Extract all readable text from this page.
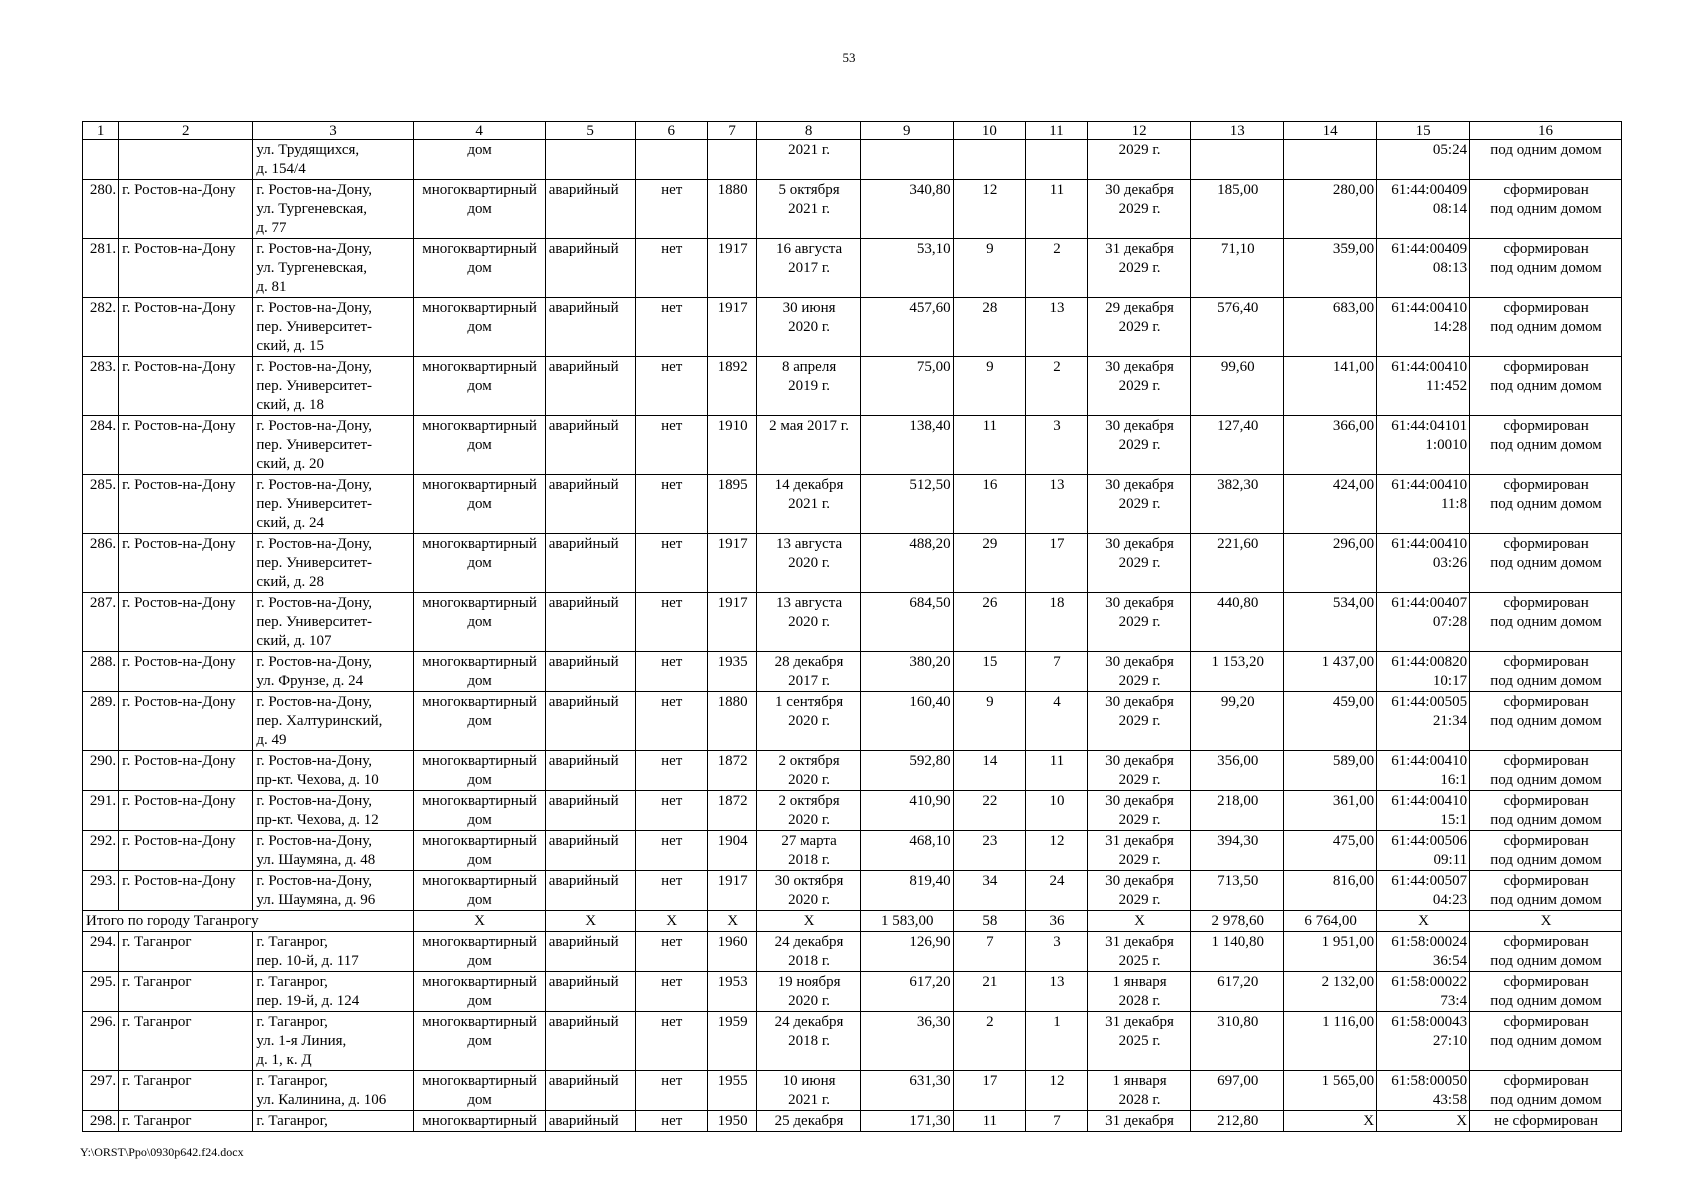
53
1	2	3	4	5	6	7	8	9	10	11	12	13	14	15	16
		ул. Трудящихся,
д. 154/4	дом				2021 г.				2029 г.			05:24	под одним домом
280.	г. Ростов-на-Дону	г. Ростов-на-Дону,
ул. Тургеневская,
д. 77	многоквартирный
дом	аварийный	нет	1880	5 октября
2021 г.	340,80	12	11	30 декабря
2029 г.	185,00	280,00	61:44:00409
08:14	сформирован
под одним домом
281.	г. Ростов-на-Дону	г. Ростов-на-Дону,
ул. Тургеневская,
д. 81	многоквартирный
дом	аварийный	нет	1917	16 августа
2017 г.	53,10	9	2	31 декабря
2029 г.	71,10	359,00	61:44:00409
08:13	сформирован
под одним домом
282.	г. Ростов-на-Дону	г. Ростов-на-Дону,
пер. Университет-
ский, д. 15	многоквартирный
дом	аварийный	нет	1917	30 июня
2020 г.	457,60	28	13	29 декабря
2029 г.	576,40	683,00	61:44:00410
14:28	сформирован
под одним домом
283.	г. Ростов-на-Дону	г. Ростов-на-Дону,
пер. Университет-
ский, д. 18	многоквартирный
дом	аварийный	нет	1892	8 апреля
2019 г.	75,00	9	2	30 декабря
2029 г.	99,60	141,00	61:44:00410
11:452	сформирован
под одним домом
284.	г. Ростов-на-Дону	г. Ростов-на-Дону,
пер. Университет-
ский, д. 20	многоквартирный
дом	аварийный	нет	1910	2 мая 2017 г.	138,40	11	3	30 декабря
2029 г.	127,40	366,00	61:44:04101
1:0010	сформирован
под одним домом
285.	г. Ростов-на-Дону	г. Ростов-на-Дону,
пер. Университет-
ский, д. 24	многоквартирный
дом	аварийный	нет	1895	14 декабря
2021 г.	512,50	16	13	30 декабря
2029 г.	382,30	424,00	61:44:00410
11:8	сформирован
под одним домом
286.	г. Ростов-на-Дону	г. Ростов-на-Дону,
пер. Университет-
ский, д. 28	многоквартирный
дом	аварийный	нет	1917	13 августа
2020 г.	488,20	29	17	30 декабря
2029 г.	221,60	296,00	61:44:00410
03:26	сформирован
под одним домом
287.	г. Ростов-на-Дону	г. Ростов-на-Дону,
пер. Университет-
ский, д. 107	многоквартирный
дом	аварийный	нет	1917	13 августа
2020 г.	684,50	26	18	30 декабря
2029 г.	440,80	534,00	61:44:00407
07:28	сформирован
под одним домом
288.	г. Ростов-на-Дону	г. Ростов-на-Дону,
ул. Фрунзе, д. 24	многоквартирный
дом	аварийный	нет	1935	28 декабря
2017 г.	380,20	15	7	30 декабря
2029 г.	1 153,20	1 437,00	61:44:00820
10:17	сформирован
под одним домом
289.	г. Ростов-на-Дону	г. Ростов-на-Дону,
пер. Халтуринский,
д. 49	многоквартирный
дом	аварийный	нет	1880	1 сентября
2020 г.	160,40	9	4	30 декабря
2029 г.	99,20	459,00	61:44:00505
21:34	сформирован
под одним домом
290.	г. Ростов-на-Дону	г. Ростов-на-Дону,
пр-кт. Чехова, д. 10	многоквартирный
дом	аварийный	нет	1872	2 октября
2020 г.	592,80	14	11	30 декабря
2029 г.	356,00	589,00	61:44:00410
16:1	сформирован
под одним домом
291.	г. Ростов-на-Дону	г. Ростов-на-Дону,
пр-кт. Чехова, д. 12	многоквартирный
дом	аварийный	нет	1872	2 октября
2020 г.	410,90	22	10	30 декабря
2029 г.	218,00	361,00	61:44:00410
15:1	сформирован
под одним домом
292.	г. Ростов-на-Дону	г. Ростов-на-Дону,
ул. Шаумяна, д. 48	многоквартирный
дом	аварийный	нет	1904	27 марта
2018 г.	468,10	23	12	31 декабря
2029 г.	394,30	475,00	61:44:00506
09:11	сформирован
под одним домом
293.	г. Ростов-на-Дону	г. Ростов-на-Дону,
ул. Шаумяна, д. 96	многоквартирный
дом	аварийный	нет	1917	30 октября
2020 г.	819,40	34	24	30 декабря
2029 г.	713,50	816,00	61:44:00507
04:23	сформирован
под одним домом
Итого по городу Таганрогу			X	X	X	X	X	1 583,00	58	36	X	2 978,60	6 764,00	X	X
294.	г. Таганрог	г. Таганрог,
пер. 10-й, д. 117	многоквартирный
дом	аварийный	нет	1960	24 декабря
2018 г.	126,90	7	3	31 декабря
2025 г.	1 140,80	1 951,00	61:58:00024
36:54	сформирован
под одним домом
295.	г. Таганрог	г. Таганрог,
пер. 19-й, д. 124	многоквартирный
дом	аварийный	нет	1953	19 ноября
2020 г.	617,20	21	13	1 января
2028 г.	617,20	2 132,00	61:58:00022
73:4	сформирован
под одним домом
296.	г. Таганрог	г. Таганрог,
ул. 1-я Линия,
д. 1, к. Д	многоквартирный
дом	аварийный	нет	1959	24 декабря
2018 г.	36,30	2	1	31 декабря
2025 г.	310,80	1 116,00	61:58:00043
27:10	сформирован
под одним домом
297.	г. Таганрог	г. Таганрог,
ул. Калинина, д. 106	многоквартирный
дом	аварийный	нет	1955	10 июня
2021 г.	631,30	17	12	1 января
2028 г.	697,00	1 565,00	61:58:00050
43:58	сформирован
под одним домом
298.	г. Таганрог	г. Таганрог,	многоквартирный	аварийный	нет	1950	25 декабря	171,30	11	7	31 декабря	212,80	X	X	не сформирован
Y:\ORST\Ppo\0930p642.f24.docx
